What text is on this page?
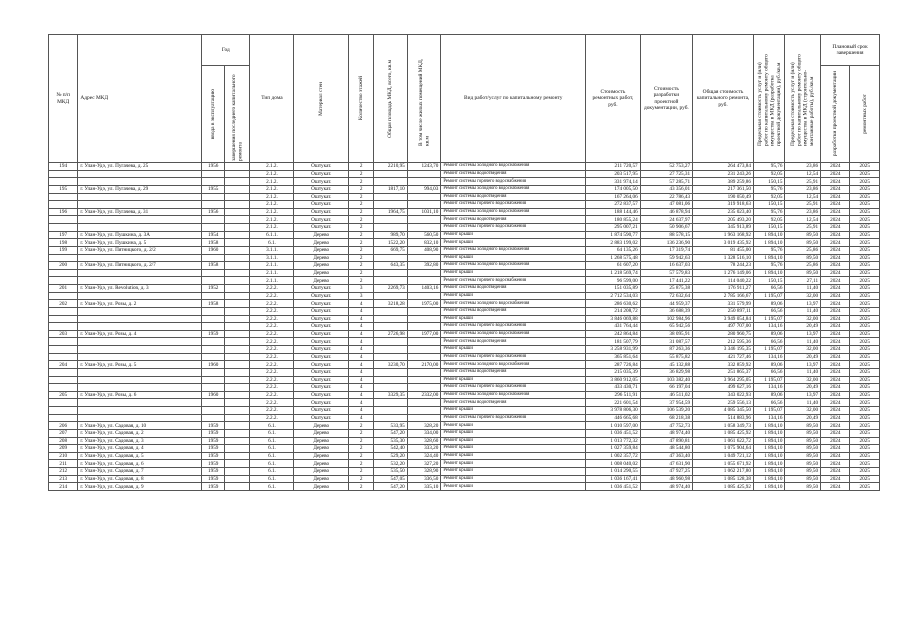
№ п/п МКД	Адрес МКД	Год		Тип дома	Материал стен	Количество этажей	Общая площадь МКД, всего, кв.м	В том числе жилых помещений МКД, кв.м	Вид работ/услуг по капитальному ремонту	Стоимость ремонтных работ, руб.	Стоимость разработки проектной документации, руб.	Общая стоимость капитального ремонта, руб.	Предельная стоимость услуг и (или) работ по капитальному ремонту общего имущества в МКД (разработка проектной документации), руб./кв.м	Предельная стоимость услуг и (или) работ по капитальному ремонту общего имущества в МКД (строительно-монтажные работы), руб./кв.м	Плановый срок завершения	

		ввода в эксплуатацию	завершения последнего капитального ремонта												разработки проектной документации	ремонтных работ

194	г. Улан-Удэ, ул. Пугачева, д. 25	1956		2.1.2.	Оштукат.	2	2210,95	1243,70	Ремонт системы холодного водоснабжения	211 720,57	52 753,27	264 473,84	95,76	23,86	2024	2025
				2.1.2.	Оштукат.	2			Ремонт системы водоотведения	203 517,95	27 725,31	231 243,26	92,05	12,54	2024	2025
				2.1.2.	Оштукат.	2			Ремонт системы горячего водоснабжения	331 974,14	57 285,71	389 259,86	150,15	25,91	2024	2025
195	г. Улан-Удэ, ул. Пугачева, д. 29	1955		2.1.2.	Оштукат.	2	1817,10	994,03	Ремонт системы холодного водоснабжения	174 005,50	43 356,01	217 361,50	95,76	23,86	2024	2025
				2.1.2.	Оштукат.	2			Ремонт системы водоотведения	167 264,06	22 786,43	190 050,49	92,05	12,54	2024	2025
				2.1.2.	Оштукат.	2			Ремонт системы горячего водоснабжения	272 837,57	47 081,06	319 918,63	150,15	25,91	2024	2025
196	г. Улан-Удэ, ул. Пугачева, д. 31	1956		2.1.2.	Оштукат.	2	1964,75	1031,10	Ремонт системы холодного водоснабжения	188 144,46	46 878,94	235 023,40	95,76	23,86	2024	2025
				2.1.2.	Оштукат.	2			Ремонт системы водоотведения	180 855,24	24 637,97	205 493,20	92,05	12,54	2024	2025
				2.1.2.	Оштукат.	2			Ремонт системы горячего водоснабжения	295 007,21	50 906,67	345 913,89	150,15	25,91	2024	2025
197	г. Улан-Удэ, ул. Пушкина, д. 3А	1954		6.1.1.	Дерево	2	989,70	560,50	Ремонт крыши	1 874 590,77	88 578,15	1 963 168,92	1 894,10	89,50	2024	2025
198	г. Улан-Удэ, ул. Пушкина, д. 5	1958		6.1.	Дерево	2	1522,20	832,10	Ремонт крыши	2 883 199,02	136 236,90	3 019 435,92	1 894,10	89,50	2024	2025
199	г. Улан-Удэ, ул. Пятницкого, д. 2/2	1960		3.1.1.	Дерево	2	669,75	408,90	Ремонт системы холодного водоснабжения	64 135,26	17 319,74	81 455,00	95,76	25,86	2024	2025
				3.1.1.	Дерево	2			Ремонт крыши	1 268 575,48	59 942,63	1 328 516,10	1 894,10	89,50	2024	2025
200	г. Улан-Удэ, ул. Пятницкого, д. 2/7	1958		2.1.1.	Дерево	2	643,35	392,80	Ремонт системы холодного водоснабжения	61 607,20	16 637,03	78 244,23	95,76	25,86	2024	2025
				2.1.1.	Дерево	2			Ремонт крыши	1 218 569,74	57 579,83	1 276 149,06	1 894,10	89,50	2024	2025
				2.1.1.	Дерево	2			Ремонт системы горячего водоснабжения	96 599,00	17 441,22	114 040,22	150,15	27,11	2024	2025
201	г. Улан-Удэ, ул. Revolution, д. 3	1952		2.2.2.	Оштукат.	3	2269,73	1403,16	Ремонт системы водоотведения	151 035,89	25 875,38	176 911,27	66,56	11,40	2024	2025
				2.2.2.	Оштукат.	3			Ремонт крыши	2 712 534,03	72 632,64	2 785 166,67	1 195,07	32,00	2024	2025
202	г. Улан-Удэ, ул. Розы, д. 2	1958		2.2.2.	Оштукат.	4	3218,28	1975,00	Ремонт системы холодного водоснабжения	286 630,62	44 959,37	331 579,99	89,06	13,97	2024	2025
				2.2.2.	Оштукат.	4			Ремонт системы водоотведения	214 208,72	36 688,39	250 897,11	66,56	11,40	2024	2025
				2.2.2.	Оштукат.	4			Ремонт крыши	3 846 069,88	102 984,96	3 949 054,84	1 195,07	32,00	2024	2025
				2.2.2.	Оштукат.	4			Ремонт системы горячего водоснабжения	431 764,44	65 942,56	497 707,00	134,16	20,49	2024	2025
203	г. Улан-Удэ, ул. Розы, д. 4	1959		2.2.2.	Оштукат.	4	2726,98	1977,00	Ремонт системы холодного водоснабжения	242 864,84	38 095,91	280 960,75	89,06	13,97	2024	2025
				2.2.2.	Оштукат.	4			Ремонт системы водоотведения	181 507,79	31 087,57	212 595,36	66,56	11,40	2024	2025
				2.2.2.	Оштукат.	4			Ремонт крыши	3 258 931,99	87 263,36	3 346 195,35	1 195,07	32,00	2024	2025
				2.2.2.	Оштукат.	4			Ремонт системы горячего водоснабжения	365 851,64	55 875,82	421 727,46	134,16	20,49	2024	2025
204	г. Улан-Удэ, ул. Розы, д. 5	1960		2.2.2.	Оштукат.	4	3230,70	2170,00	Ремонт системы холодного водоснабжения	287 726,84	45 132,88	332 859,92	89,06	13,97	2024	2025
				2.2.2.	Оштукат.	4			Ремонт системы водоотведения	215 035,39	36 829,98	251 865,37	66,56	11,40	2024	2025
				2.2.2.	Оштукат.	4			Ремонт крыши	3 860 912,05	103 382,40	3 964 295,05	1 195,07	32,00	2024	2025
				2.2.2.	Оштукат.	4			Ремонт системы горячего водоснабжения	433 430,71	66 197,04	499 627,16	134,16	20,49	2024	2025
205	г. Улан-Удэ, ул. Розы, д. 6	1960		2.2.2.	Оштукат.	4	3329,35	2332,00	Ремонт системы холодного водоснабжения	296 511,91	46 511,02	343 022,93	89,06	13,97	2024	2025
				2.2.2.	Оштукат.	4			Ремонт системы водоотведения	221 601,54	37 954,59	259 556,13	66,56	11,40	2024	2025
				2.2.2.	Оштукат.	4			Ремонт крыши	3 978 806,30	106 539,20	4 085 345,50	1 195,07	32,00	2024	2025
				2.2.2.	Оштукат.	4			Ремонт системы горячего водоснабжения	446 665,68	68 218,38	514 883,96	134,16	20,49	2024	2025
206	г. Улан-Удэ, ул. Садовая, д. 10	1959		6.1.	Дерево	2	533,95	328,20	Ремонт крыши	1 010 597,00	47 752,73	1 058 349,73	1 894,10	89,50	2024	2025
207	г. Улан-Удэ, ул. Садовая, д. 2	1959		6.1.	Дерево	2	547,20	334,00	Ремонт крыши	1 036 451,52	48 974,40	1 085 425,92	1 894,10	89,50	2024	2025
208	г. Улан-Удэ, ул. Садовая, д. 3	1959		6.1.	Дерево	2	535,30	328,60	Ремонт крыши	1 013 772,32	47 890,81	1 061 622,72	1 894,10	89,50	2024	2025
209	г. Улан-Удэ, ул. Садовая, д. 4	1959		6.1.	Дерево	2	542,40	333,20	Ремонт крыши	1 027 359,84	48 544,80	1 075 904,64	1 894,10	89,50	2024	2025
210	г. Улан-Удэ, ул. Садовая, д. 5	1959		6.1.	Дерево	2	529,20	324,40	Ремонт крыши	1 002 357,72	47 363,40	1 049 721,12	1 894,10	89,50	2024	2025
211	г. Улан-Удэ, ул. Садовая, д. 6	1959		6.1.	Дерево	2	532,20	327,20	Ремонт крыши	1 008 040,02	47 631,90	1 055 671,92	1 894,10	89,50	2024	2025
212	г. Улан-Удэ, ул. Садовая, д. 7	1959		6.1.	Дерево	2	535,50	328,90	Ремонт крыши	1 014 290,55	47 927,25	1 062 217,80	1 894,10	89,50	2024	2025
213	г. Улан-Удэ, ул. Садовая, д. 8	1959		6.1.	Дерево	2	547,05	336,50	Ремонт крыши	1 036 167,41	48 960,98	1 085 128,38	1 894,10	89,50	2024	2025
214	г. Улан-Удэ, ул. Садовая, д. 9	1959		6.1.	Дерево	2	547,20	335,10	Ремонт крыши	1 036 451,52	48 974,40	1 085 425,92	1 894,10	89,50	2024	2025
